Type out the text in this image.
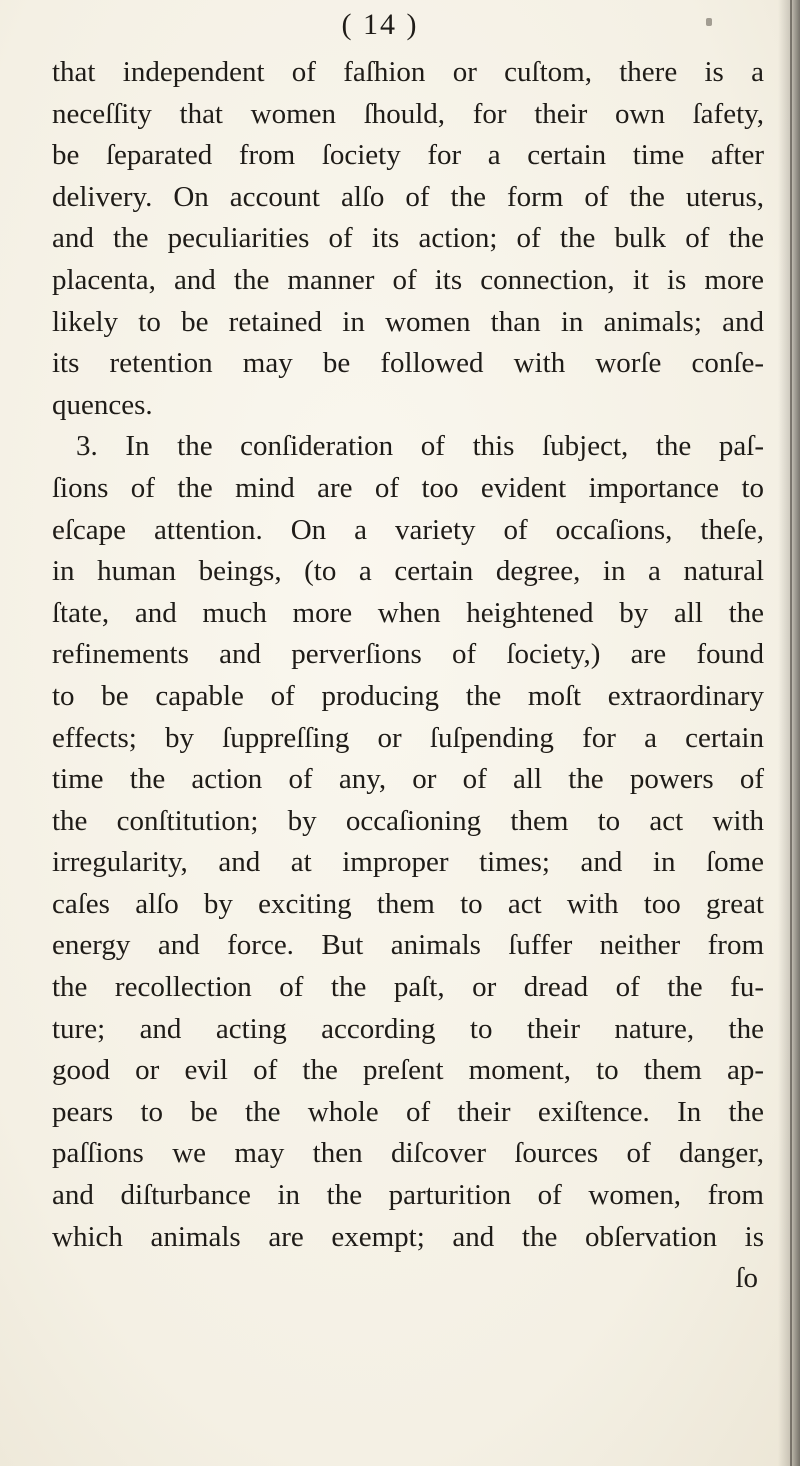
( 14 )
that independent of faſhion or cuſtom, there is a
neceſſity that women ſhould, for their own ſafety,
be ſeparated from ſociety for a certain time after
delivery. On account alſo of the form of the uterus,
and the peculiarities of its action; of the bulk of the
placenta, and the manner of its connection, it is more
likely to be retained in women than in animals; and
its retention may be followed with worſe conſe-
quences.
3. In the conſideration of this ſubject, the paſ-
ſions of the mind are of too evident importance to
eſcape attention. On a variety of occaſions, theſe,
in human beings, (to a certain degree, in a natural
ſtate, and much more when heightened by all the
refinements and perverſions of ſociety,) are found
to be capable of producing the moſt extraordinary
effects; by ſuppreſſing or ſuſpending for a certain
time the action of any, or of all the powers of
the conſtitution; by occaſioning them to act with
irregularity, and at improper times; and in ſome
caſes alſo by exciting them to act with too great
energy and force. But animals ſuffer neither from
the recollection of the paſt, or dread of the fu-
ture; and acting according to their nature, the
good or evil of the preſent moment, to them ap-
pears to be the whole of their exiſtence. In the
paſſions we may then diſcover ſources of danger,
and diſturbance in the parturition of women, from
which animals are exempt; and the obſervation is
ſo
